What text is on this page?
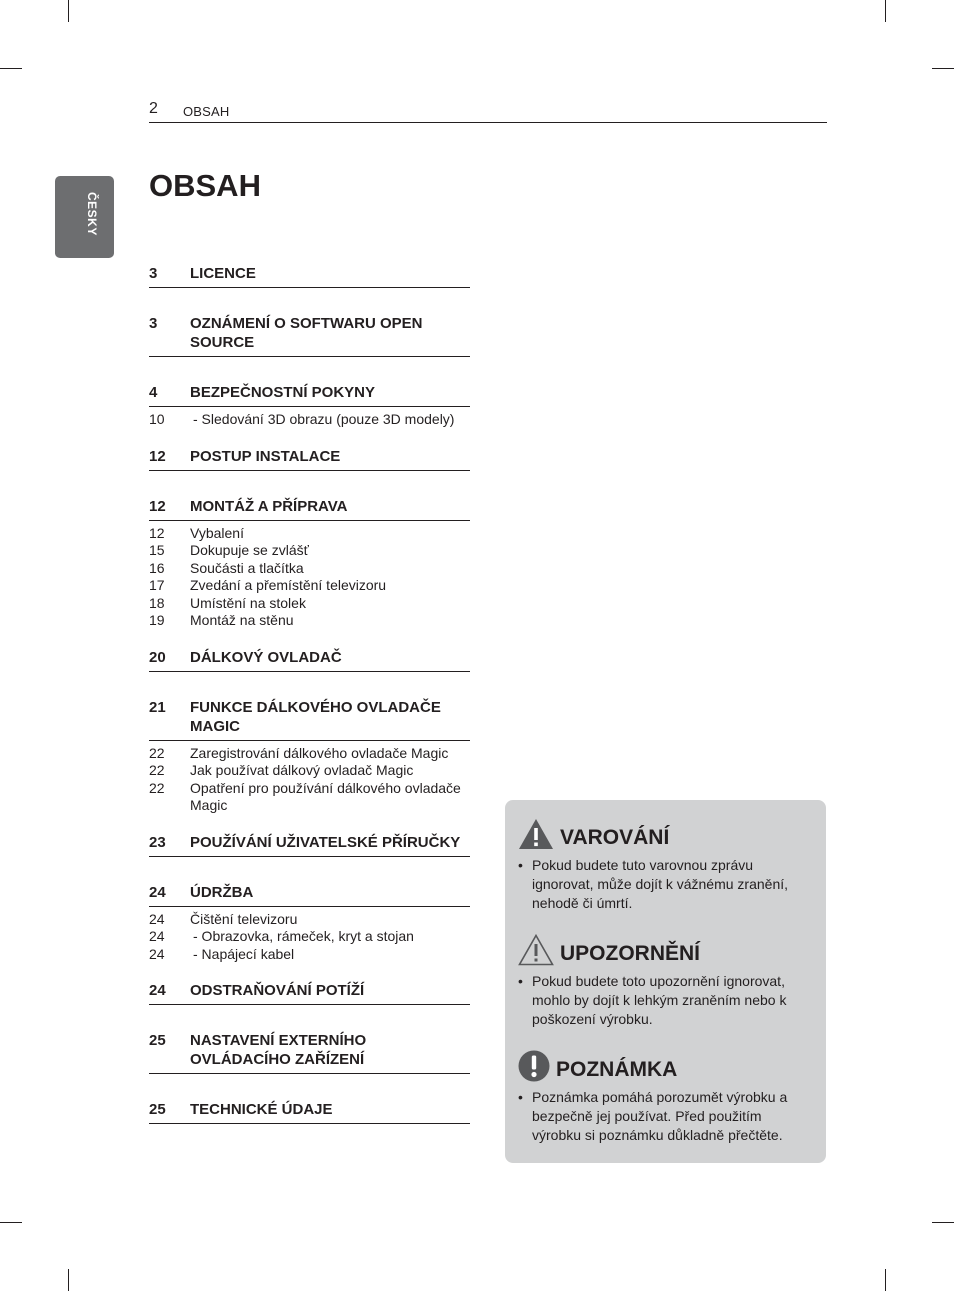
2 OBSAH
ČESKY
OBSAH
3	LICENCE
3	OZNÁMENÍ O SOFTWARU OPEN SOURCE
4	BEZPEČNOSTNÍ POKYNY
10	- Sledování 3D obrazu (pouze 3D modely)
12	POSTUP INSTALACE
12	MONTÁŽ A PŘÍPRAVA
12	Vybalení
15	Dokupuje se zvlášť
16	Součásti a tlačítka
17	Zvedání a přemístění televizoru
18	Umístění na stolek
19	Montáž na stěnu
20	DÁLKOVÝ OVLADAČ
21	FUNKCE DÁLKOVÉHO OVLADAČE MAGIC
22	Zaregistrování dálkového ovladače Magic
22	Jak používat dálkový ovladač Magic
22	Opatření pro používání dálkového ovladače Magic
23	POUŽÍVÁNÍ UŽIVATELSKÉ PŘÍRUČKY
24	ÚDRŽBA
24	Čištění televizoru
24	- Obrazovka, rámeček, kryt a stojan
24	- Napájecí kabel
24	ODSTRAŇOVÁNÍ POTÍŽÍ
25	NASTAVENÍ EXTERNÍHO OVLÁDACÍHO ZAŘÍZENÍ
25	TECHNICKÉ ÚDAJE
VAROVÁNÍ
• Pokud budete tuto varovnou zprávu ignorovat, může dojít k vážnému zranění, nehodě či úmrtí.
UPOZORNĚNÍ
• Pokud budete toto upozornění ignorovat, mohlo by dojít k lehkým zraněním nebo k poškození výrobku.
POZNÁMKA
• Poznámka pomáhá porozumět výrobku a bezpečně jej používat. Před použitím výrobku si poznámku důkladně přečtěte.
